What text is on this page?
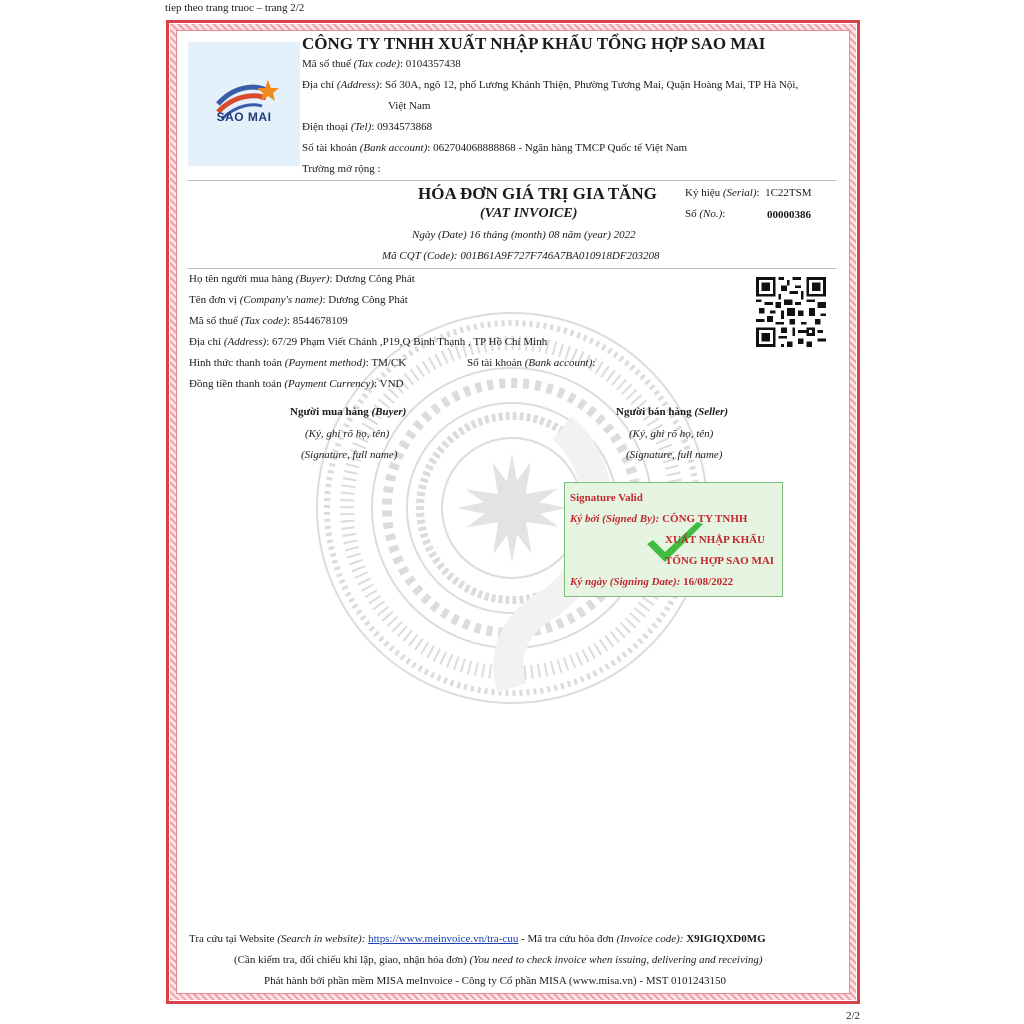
tiep theo trang truoc – trang 2/2
SAO MAI
CÔNG TY TNHH XUẤT NHẬP KHẨU TỔNG HỢP SAO MAI
Mã số thuế (Tax code): 0104357438
Địa chỉ (Address): Số 30A, ngõ 12, phố Lương Khánh Thiện, Phường Tương Mai, Quận Hoàng Mai, TP Hà Nội,
Việt Nam
Điện thoại (Tel): 0934573868
Số tài khoản (Bank account): 062704068888868 - Ngân hàng TMCP Quốc tế Việt Nam
Trường mở rộng :
HÓA ĐƠN GIÁ TRỊ GIA TĂNG
(VAT INVOICE)
Ký hiệu (Serial):  1C22TSM
Số (No.):	00000386
Ngày (Date) 16 tháng (month) 08 năm (year) 2022
Mã CQT (Code): 001B61A9F727F746A7BA010918DF203208
Họ tên người mua hàng (Buyer): Dương Công Phát
Tên đơn vị (Company's name): Dương Công Phát
Mã số thuế (Tax code): 8544678109
Địa chỉ (Address): 67/29 Phạm Viết Chánh ,P19,Q Bình Thạnh , TP Hồ Chí Minh
Hình thức thanh toán (Payment method): TM/CK	Số tài khoản (Bank account):
Đồng tiền thanh toán (Payment Currency): VND
Người mua hàng (Buyer)
(Ký, ghi rõ họ, tên)
(Signature, full name)
Người bán hàng (Seller)
(Ký, ghi rõ họ, tên)
(Signature, full name)
Signature Valid
Ký bởi (Signed By): CÔNG TY TNHH
XUẤT NHẬP KHẨU
TỔNG HỢP SAO MAI
Ký ngày (Signing Date): 16/08/2022
Tra cứu tại Website (Search in website): https://www.meinvoice.vn/tra-cuu - Mã tra cứu hóa đơn (Invoice code): X9IGIQXD0MG
(Cần kiểm tra, đối chiếu khi lập, giao, nhận hóa đơn) (You need to check invoice when issuing, delivering and receiving)
Phát hành bởi phần mềm MISA meInvoice - Công ty Cổ phần MISA (www.misa.vn) - MST 0101243150
2/2
